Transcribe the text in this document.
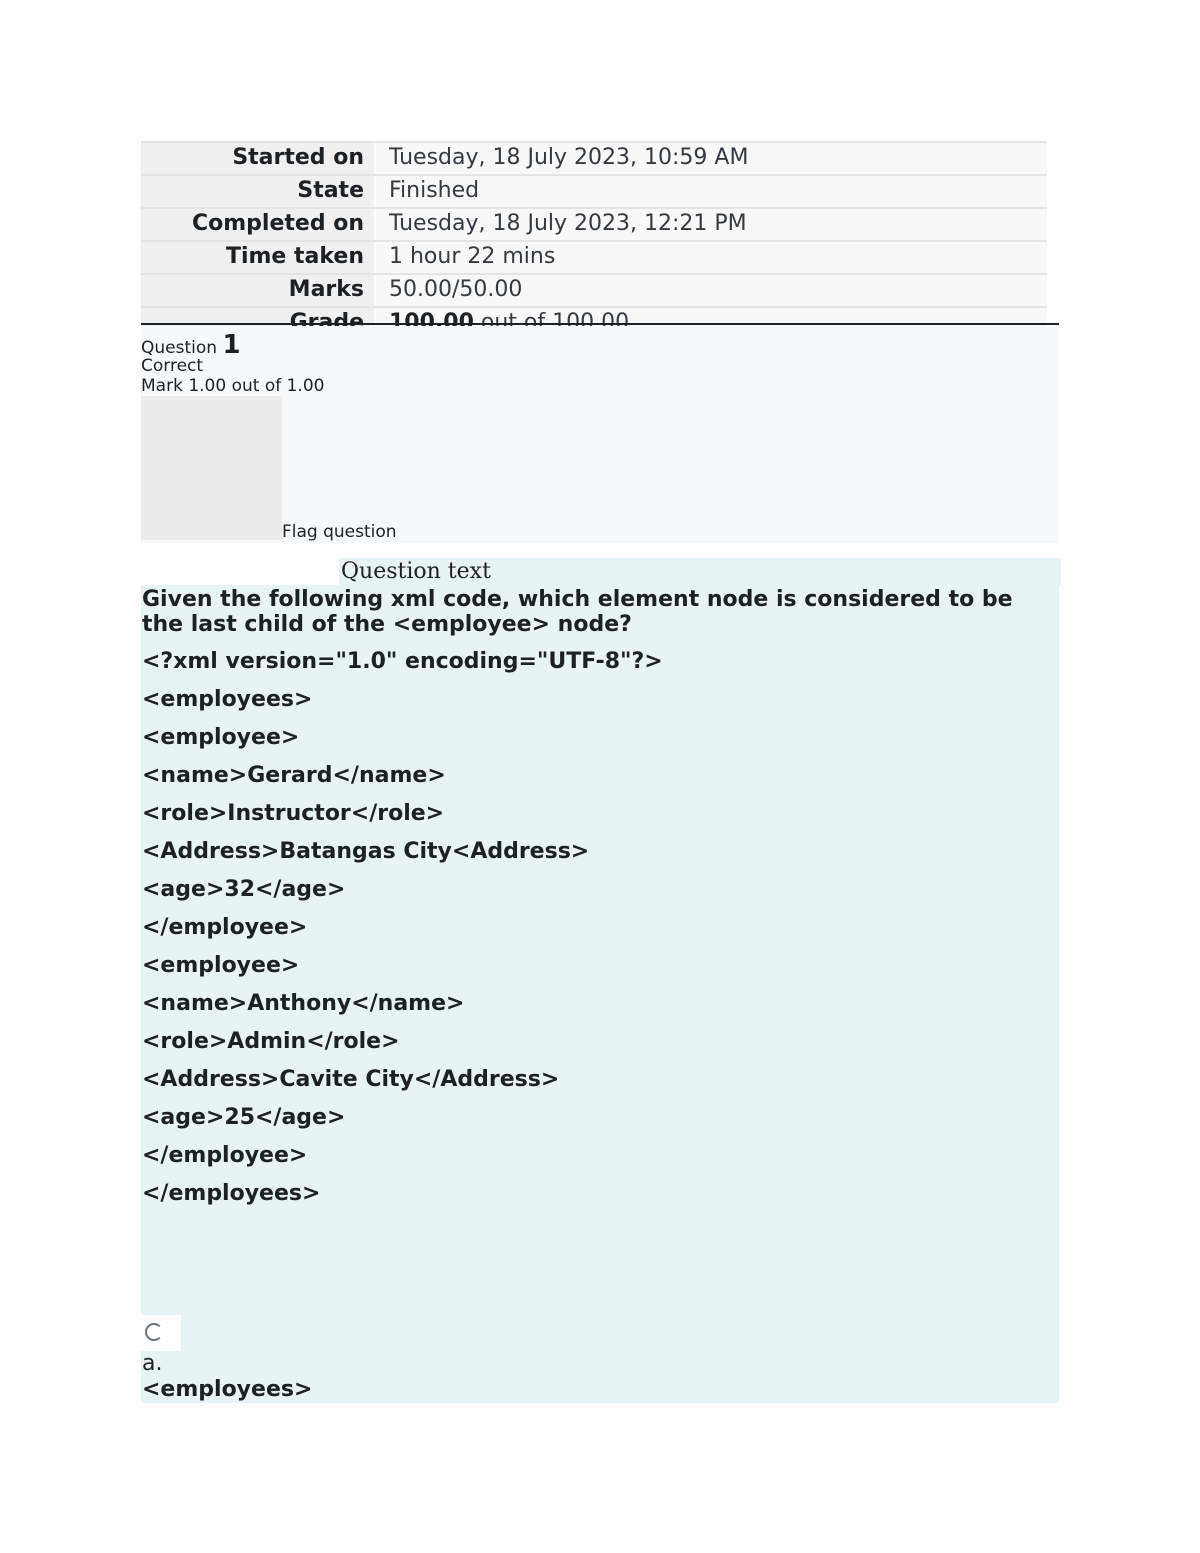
Started on	Tuesday, 18 July 2023, 10:59 AM
State	Finished
Completed on	Tuesday, 18 July 2023, 12:21 PM
Time taken	1 hour 22 mins
Marks	50.00/50.00
Question 1
Correct
Mark 1.00 out of 1.00
Flag question
Question text
Given the following xml code, which element node is considered to be the last child of the <employee> node?
<?xml version="1.0" encoding="UTF-8"?>
<employees>
<employee>
<name>Gerard</name>
<role>Instructor</role>
<Address>Batangas City<Address>
<age>32</age>
</employee>
<employee>
<name>Anthony</name>
<role>Admin</role>
<Address>Cavite City</Address>
<age>25</age>
</employee>
</employees>
a.
<employees>
